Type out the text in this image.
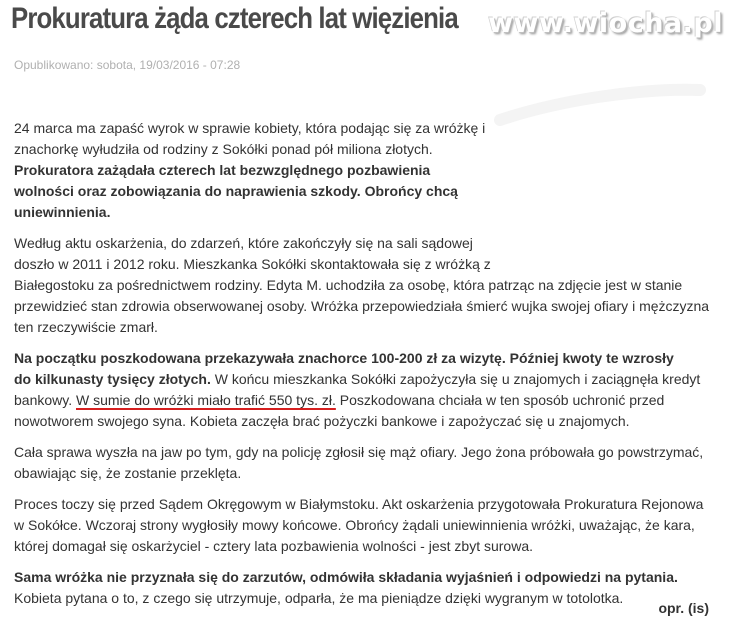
Prokuratura żąda czterech lat więzienia www.wiocha.pl
Opublikowano: sobota, 19/03/2016 - 07:28

24 marca ma zapaść wyrok w sprawie kobiety, która podając się za wróżkę i
znachorkę wyłudziła od rodziny z Sokółki ponad pół miliona złotych.
Prokuratora zażądała czterech lat bezwzględnego pozbawienia
wolności oraz zobowiązania do naprawienia szkody. Obrońcy chcą
uniewinnienia.

Według aktu oskarżenia, do zdarzeń, które zakończyły się na sali sądowej
doszło w 2011 i 2012 roku. Mieszkanka Sokółki skontaktowała się z wróżką z
Białegostoku za pośrednictwem rodziny. Edyta M. uchodziła za osobę, która patrząc na zdjęcie jest w stanie
przewidzieć stan zdrowia obserwowanej osoby. Wróżka przepowiedziała śmierć wujka swojej ofiary i mężczyzna
ten rzeczywiście zmarł.

Na początku poszkodowana przekazywała znachorce 100-200 zł za wizytę. Później kwoty te wzrosły
do kilkunasty tysięcy złotych. W końcu mieszkanka Sokółki zapożyczyła się u znajomych i zaciągnęła kredyt
bankowy. W sumie do wróżki miało trafić 550 tys. zł. Poszkodowana chciała w ten sposób uchronić przed
nowotworem swojego syna. Kobieta zaczęła brać pożyczki bankowe i zapożyczać się u znajomych.

Cała sprawa wyszła na jaw po tym, gdy na policję zgłosił się mąż ofiary. Jego żona próbowała go powstrzymać,
obawiając się, że zostanie przeklęta.

Proces toczy się przed Sądem Okręgowym w Białymstoku. Akt oskarżenia przygotowała Prokuratura Rejonowa
w Sokółce. Wczoraj strony wygłosiły mowy końcowe. Obrońcy żądali uniewinnienia wróżki, uważając, że kara,
której domagał się oskarżyciel - cztery lata pozbawienia wolności - jest zbyt surowa.

Sama wróżka nie przyznała się do zarzutów, odmówiła składania wyjaśnień i odpowiedzi na pytania.
Kobieta pytana o to, z czego się utrzymuje, odparła, że ma pieniądze dzięki wygranym w totolotka.

opr. (is)
